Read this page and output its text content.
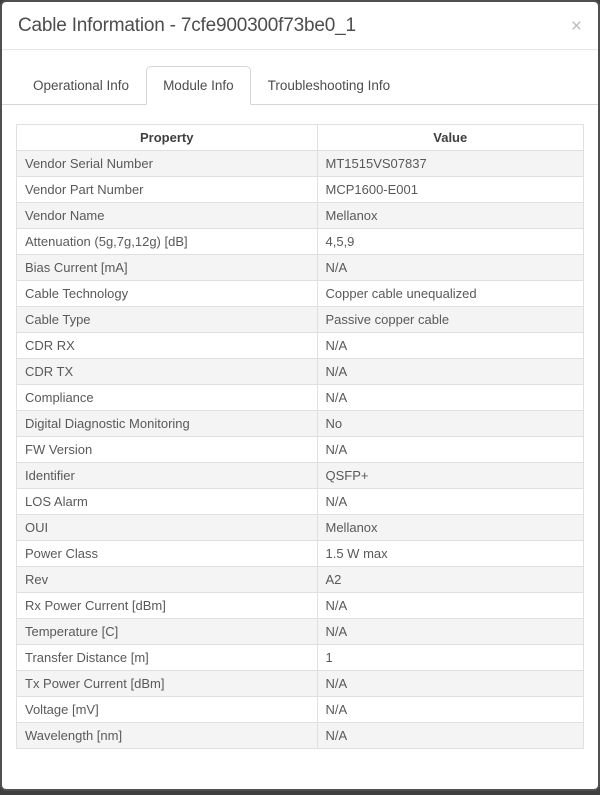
Cable Information - 7cfe900300f73be0_1	×
Operational Info	Module Info	Troubleshooting Info
Property	Value
Vendor Serial Number	MT1515VS07837
Vendor Part Number	MCP1600-E001
Vendor Name	Mellanox
Attenuation (5g,7g,12g) [dB]	4,5,9
Bias Current [mA]	N/A
Cable Technology	Copper cable unequalized
Cable Type	Passive copper cable
CDR RX	N/A
CDR TX	N/A
Compliance	N/A
Digital Diagnostic Monitoring	No
FW Version	N/A
Identifier	QSFP+
LOS Alarm	N/A
OUI	Mellanox
Power Class	1.5 W max
Rev	A2
Rx Power Current [dBm]	N/A
Temperature [C]	N/A
Transfer Distance [m]	1
Tx Power Current [dBm]	N/A
Voltage [mV]	N/A
Wavelength [nm]	N/A
